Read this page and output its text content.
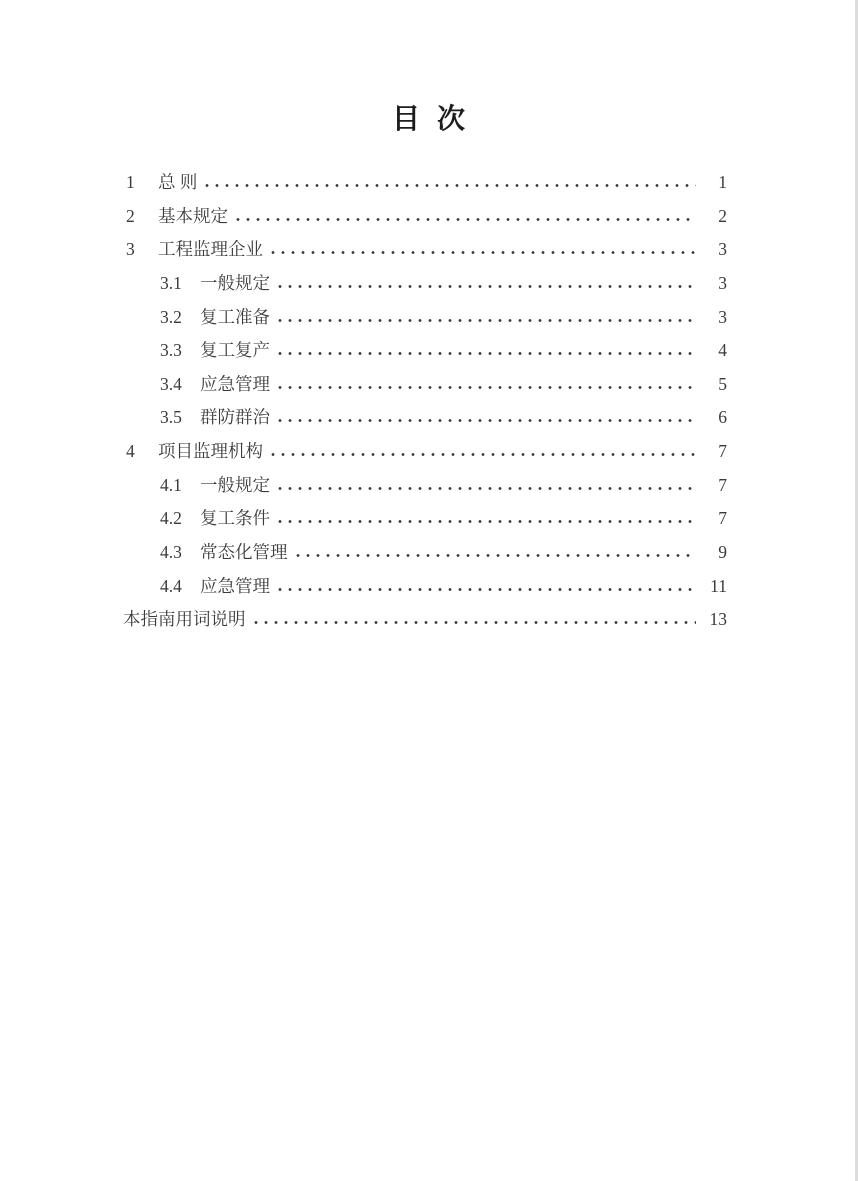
目  次
1	总 则	1
2	基本规定	2
3	工程监理企业	3
3.1	一般规定	3
3.2	复工准备	3
3.3	复工复产	4
3.4	应急管理	5
3.5	群防群治	6
4	项目监理机构	7
4.1	一般规定	7
4.2	复工条件	7
4.3	常态化管理	9
4.4	应急管理	11
本指南用词说明	13
